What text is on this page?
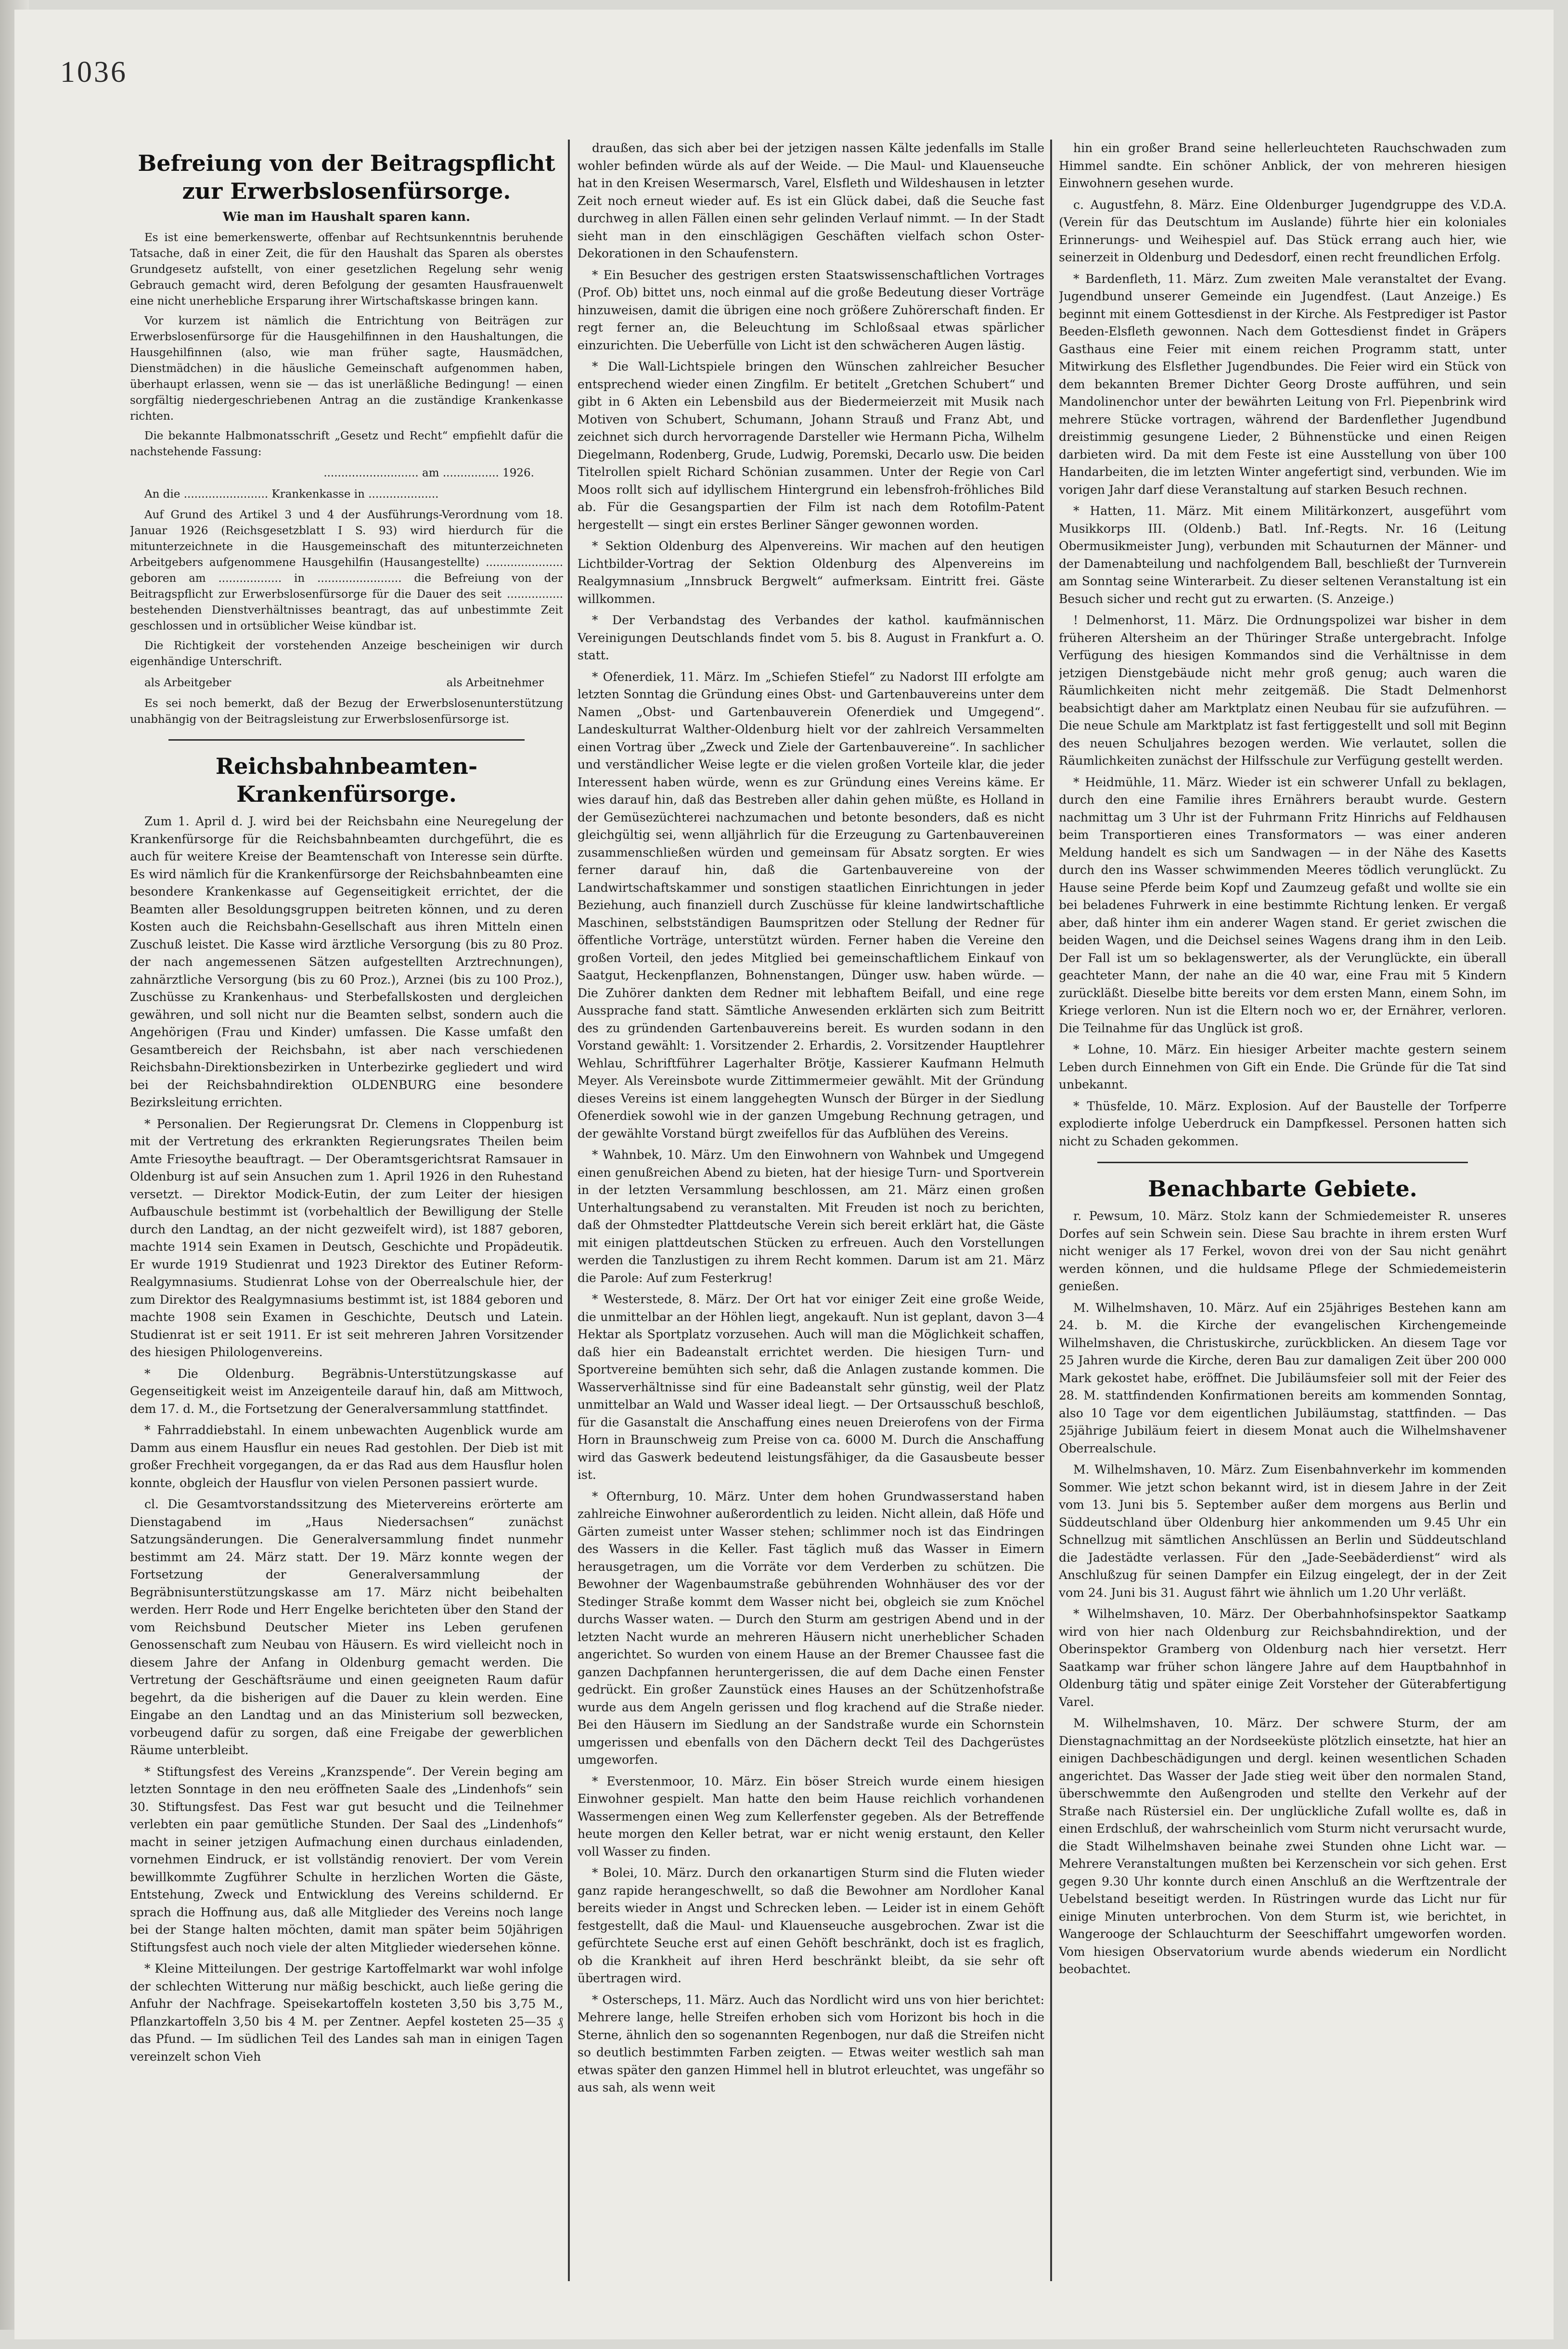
1036
Befreiung von der Beitragspflicht zur Erwerbslosenfürsorge.
Wie man im Haushalt sparen kann.

Es ist eine bemerkenswerte, offenbar auf Rechtsunkenntnis beruhende Tatsache, daß in einer Zeit, die für den Haushalt das Sparen als oberstes Grundgesetz aufstellt, von einer gesetzlichen Regelung sehr wenig Gebrauch gemacht wird, deren Befolgung der gesamten Hausfrauenwelt eine nicht unerhebliche Ersparung ihrer Wirtschaftskasse bringen kann.

Vor kurzem ist nämlich die Entrichtung von Beiträgen zur Erwerbslosenfürsorge für die Hausgehilfinnen in den Haushaltungen, die Hausgehilfinnen (also, wie man früher sagte, Hausmädchen, Dienstmädchen) in die häusliche Gemeinschaft aufgenommen haben, überhaupt erlassen, wenn sie — das ist unerläßliche Bedingung! — einen sorgfältig niedergeschriebenen Antrag an die zuständige Krankenkasse richten.

Die bekannte Halbmonatsschrift „Gesetz und Recht“ empfiehlt dafür die nachstehende Fassung:

........................... am ................ 1926.
An die ........................ Krankenkasse in ....................

Auf Grund des Artikel 3 und 4 der Ausführungs-Verordnung vom 18. Januar 1926 (Reichsgesetzblatt I S. 93) wird hierdurch für die mitunterzeichnete in die Hausgemeinschaft des mitunterzeichneten Arbeitgebers aufgenommene Hausgehilfin (Hausangestellte) ...................... geboren am .................. in ........................ die Befreiung von der Beitragspflicht zur Erwerbslosenfürsorge für die Dauer des seit ................ bestehenden Dienstverhältnisses beantragt, das auf unbestimmte Zeit geschlossen und in ortsüblicher Weise kündbar ist.

Die Richtigkeit der vorstehenden Anzeige bescheinigen wir durch eigenhändige Unterschrift.

als Arbeitgeber	als Arbeitnehmer

Es sei noch bemerkt, daß der Bezug der Erwerbslosenunterstützung unabhängig von der Beitragsleistung zur Erwerbslosenfürsorge ist.

Reichsbahnbeamten-Krankenfürsorge.

Zum 1. April d. J. wird bei der Reichsbahn eine Neuregelung der Krankenfürsorge für die Reichsbahnbeamten durchgeführt, die es auch für weitere Kreise der Beamtenschaft von Interesse sein dürfte. Es wird nämlich für die Krankenfürsorge der Reichsbahnbeamten eine besondere Krankenkasse auf Gegenseitigkeit errichtet, der die Beamten aller Besoldungsgruppen beitreten können, und zu deren Kosten auch die Reichsbahn-Gesellschaft aus ihren Mitteln einen Zuschuß leistet. Die Kasse wird ärztliche Versorgung (bis zu 80 Proz. der nach angemessenen Sätzen aufgestellten Arztrechnungen), zahnärztliche Versorgung (bis zu 60 Proz.), Arznei (bis zu 100 Proz.), Zuschüsse zu Krankenhaus- und Sterbefallskosten und dergleichen gewähren, und soll nicht nur die Beamten selbst, sondern auch die Angehörigen (Frau und Kinder) umfassen. Die Kasse umfaßt den Gesamtbereich der Reichsbahn, ist aber nach verschiedenen Reichsbahn-Direktionsbezirken in Unterbezirke gegliedert und wird bei der Reichsbahndirektion OLDENBURG eine besondere Bezirksleitung errichten.

* Personalien. Der Regierungsrat Dr. Clemens in Cloppenburg ist mit der Vertretung des erkrankten Regierungsrates Theilen beim Amte Friesoythe beauftragt. — Der Oberamtsgerichtsrat Ramsauer in Oldenburg ist auf sein Ansuchen zum 1. April 1926 in den Ruhestand versetzt. — Direktor Modick-Eutin, der zum Leiter der hiesigen Aufbauschule bestimmt ist (vorbehaltlich der Bewilligung der Stelle durch den Landtag, an der nicht gezweifelt wird), ist 1887 geboren, machte 1914 sein Examen in Deutsch, Geschichte und Propädeutik. Er wurde 1919 Studienrat und 1923 Direktor des Eutiner Reform-Realgymnasiums. Studienrat Lohse von der Oberrealschule hier, der zum Direktor des Realgymnasiums bestimmt ist, ist 1884 geboren und machte 1908 sein Examen in Geschichte, Deutsch und Latein. Studienrat ist er seit 1911. Er ist seit mehreren Jahren Vorsitzender des hiesigen Philologenvereins.

* Die Oldenburg. Begräbnis-Unterstützungskasse auf Gegenseitigkeit weist im Anzeigenteile darauf hin, daß am Mittwoch, dem 17. d. M., die Fortsetzung der Generalversammlung stattfindet.

* Fahrraddiebstahl. In einem unbewachten Augenblick wurde am Damm aus einem Hausflur ein neues Rad gestohlen. Der Dieb ist mit großer Frechheit vorgegangen, da er das Rad aus dem Hausflur holen konnte, obgleich der Hausflur von vielen Personen passiert wurde.

cl. Die Gesamtvorstandssitzung des Mietervereins erörterte am Dienstagabend im „Haus Niedersachsen“ zunächst Satzungsänderungen. Die Generalversammlung findet nunmehr bestimmt am 24. März statt. Der 19. März konnte wegen der Fortsetzung der Generalversammlung der Begräbnisunterstützungskasse am 17. März nicht beibehalten werden. Herr Rode und Herr Engelke berichteten über den Stand der vom Reichsbund Deutscher Mieter ins Leben gerufenen Genossenschaft zum Neubau von Häusern. Es wird vielleicht noch in diesem Jahre der Anfang in Oldenburg gemacht werden. Die Vertretung der Geschäftsräume und einen geeigneten Raum dafür begehrt, da die bisherigen auf die Dauer zu klein werden. Eine Eingabe an den Landtag und an das Ministerium soll bezwecken, vorbeugend dafür zu sorgen, daß eine Freigabe der gewerblichen Räume unterbleibt.

* Stiftungsfest des Vereins „Kranzspende“. Der Verein beging am letzten Sonntage in den neu eröffneten Saale des „Lindenhofs“ sein 30. Stiftungsfest. Das Fest war gut besucht und die Teilnehmer verlebten ein paar gemütliche Stunden. Der Saal des „Lindenhofs“ macht in seiner jetzigen Aufmachung einen durchaus einladenden, vornehmen Eindruck, er ist vollständig renoviert. Der vom Verein bewillkommte Zugführer Schulte in herzlichen Worten die Gäste, Entstehung, Zweck und Entwicklung des Vereins schildernd. Er sprach die Hoffnung aus, daß alle Mitglieder des Vereins noch lange bei der Stange halten möchten, damit man später beim 50jährigen Stiftungsfest auch noch viele der alten Mitglieder wiedersehen könne.

* Kleine Mitteilungen. Der gestrige Kartoffelmarkt war wohl infolge der schlechten Witterung nur mäßig beschickt, auch ließe gering die Anfuhr der Nachfrage. Speisekartoffeln kosteten 3,50 bis 3,75 M., Pflanzkartoffeln 3,50 bis 4 M. per Zentner. Aepfel kosteten 25—35 ₰ das Pfund. — Im südlichen Teil des Landes sah man in einigen Tagen vereinzelt schon Vieh

draußen, das sich aber bei der jetzigen nassen Kälte jedenfalls im Stalle wohler befinden würde als auf der Weide. — Die Maul- und Klauenseuche hat in den Kreisen Wesermarsch, Varel, Elsfleth und Wildeshausen in letzter Zeit noch erneut wieder auf. Es ist ein Glück dabei, daß die Seuche fast durchweg in allen Fällen einen sehr gelinden Verlauf nimmt. — In der Stadt sieht man in den einschlägigen Geschäften vielfach schon Oster-Dekorationen in den Schaufenstern.

* Ein Besucher des gestrigen ersten Staatswissenschaftlichen Vortrages (Prof. Ob) bittet uns, noch einmal auf die große Bedeutung dieser Vorträge hinzuweisen, damit die übrigen eine noch größere Zuhörerschaft finden. Er regt ferner an, die Beleuchtung im Schloßsaal etwas spärlicher einzurichten. Die Ueberfülle von Licht ist den schwächeren Augen lästig.

* Die Wall-Lichtspiele bringen den Wünschen zahlreicher Besucher entsprechend wieder einen Zingfilm. Er betitelt „Gretchen Schubert“ und gibt in 6 Akten ein Lebensbild aus der Biedermeierzeit mit Musik nach Motiven von Schubert, Schumann, Johann Strauß und Franz Abt, und zeichnet sich durch hervorragende Darsteller wie Hermann Picha, Wilhelm Diegelmann, Rodenberg, Grude, Ludwig, Poremski, Decarlo usw. Die beiden Titelrollen spielt Richard Schönian zusammen. Unter der Regie von Carl Moos rollt sich auf idyllischem Hintergrund ein lebensfroh-fröhliches Bild ab. Für die Gesangspartien der Film ist nach dem Rotofilm-Patent hergestellt — singt ein erstes Berliner Sänger gewonnen worden.

* Sektion Oldenburg des Alpenvereins. Wir machen auf den heutigen Lichtbilder-Vortrag der Sektion Oldenburg des Alpenvereins im Realgymnasium „Innsbruck Bergwelt“ aufmerksam. Eintritt frei. Gäste willkommen.

* Der Verbandstag des Verbandes der kathol. kaufmännischen Vereinigungen Deutschlands findet vom 5. bis 8. August in Frankfurt a. O. statt.

* Ofenerdiek, 11. März. Im „Schiefen Stiefel“ zu Nadorst III erfolgte am letzten Sonntag die Gründung eines Obst- und Gartenbauvereins unter dem Namen „Obst- und Gartenbauverein Ofenerdiek und Umgegend“. Landeskulturrat Walther-Oldenburg hielt vor der zahlreich Versammelten einen Vortrag über „Zweck und Ziele der Gartenbauvereine“. In sachlicher und verständlicher Weise legte er die vielen großen Vorteile klar, die jeder Interessent haben würde, wenn es zur Gründung eines Vereins käme. Er wies darauf hin, daß das Bestreben aller dahin gehen müßte, es Holland in der Gemüsezüchterei nachzumachen und betonte besonders, daß es nicht gleichgültig sei, wenn alljährlich für die Erzeugung zu Gartenbauvereinen zusammenschließen würden und gemeinsam für Absatz sorgten. Er wies ferner darauf hin, daß die Gartenbauvereine von der Landwirtschaftskammer und sonstigen staatlichen Einrichtungen in jeder Beziehung, auch finanziell durch Zuschüsse für kleine landwirtschaftliche Maschinen, selbstständigen Baumspritzen oder Stellung der Redner für öffentliche Vorträge, unterstützt würden. Ferner haben die Vereine den großen Vorteil, den jedes Mitglied bei gemeinschaftlichem Einkauf von Saatgut, Heckenpflanzen, Bohnenstangen, Dünger usw. haben würde. — Die Zuhörer dankten dem Redner mit lebhaftem Beifall, und eine rege Aussprache fand statt. Sämtliche Anwesenden erklärten sich zum Beitritt des zu gründenden Gartenbauvereins bereit. Es wurden sodann in den Vorstand gewählt: 1. Vorsitzender 2. Erhardis, 2. Vorsitzender Hauptlehrer Wehlau, Schriftführer Lagerhalter Brötje, Kassierer Kaufmann Helmuth Meyer. Als Vereinsbote wurde Zittimmermeier gewählt. Mit der Gründung dieses Vereins ist einem langgehegten Wunsch der Bürger in der Siedlung Ofenerdiek sowohl wie in der ganzen Umgebung Rechnung getragen, und der gewählte Vorstand bürgt zweifellos für das Aufblühen des Vereins.

* Wahnbek, 10. März. Um den Einwohnern von Wahnbek und Umgegend einen genußreichen Abend zu bieten, hat der hiesige Turn- und Sportverein in der letzten Versammlung beschlossen, am 21. März einen großen Unterhaltungsabend zu veranstalten. Mit Freuden ist noch zu berichten, daß der Ohmstedter Plattdeutsche Verein sich bereit erklärt hat, die Gäste mit einigen plattdeutschen Stücken zu erfreuen. Auch den Vorstellungen werden die Tanzlustigen zu ihrem Recht kommen. Darum ist am 21. März die Parole: Auf zum Festerkrug!

* Westerstede, 8. März. Der Ort hat vor einiger Zeit eine große Weide, die unmittelbar an der Höhlen liegt, angekauft. Nun ist geplant, davon 3—4 Hektar als Sportplatz vorzusehen. Auch will man die Möglichkeit schaffen, daß hier ein Badeanstalt errichtet werden. Die hiesigen Turn- und Sportvereine bemühten sich sehr, daß die Anlagen zustande kommen. Die Wasserverhältnisse sind für eine Badeanstalt sehr günstig, weil der Platz unmittelbar an Wald und Wasser ideal liegt. — Der Ortsausschuß beschloß, für die Gasanstalt die Anschaffung eines neuen Dreierofens von der Firma Horn in Braunschweig zum Preise von ca. 6000 M. Durch die Anschaffung wird das Gaswerk bedeutend leistungsfähiger, da die Gasausbeute besser ist.

* Ofternburg, 10. März. Unter dem hohen Grundwasserstand haben zahlreiche Einwohner außerordentlich zu leiden. Nicht allein, daß Höfe und Gärten zumeist unter Wasser stehen; schlimmer noch ist das Eindringen des Wassers in die Keller. Fast täglich muß das Wasser in Eimern herausgetragen, um die Vorräte vor dem Verderben zu schützen. Die Bewohner der Wagenbaumstraße gebührenden Wohnhäuser des vor der Stedinger Straße kommt dem Wasser nicht bei, obgleich sie zum Knöchel durchs Wasser waten. — Durch den Sturm am gestrigen Abend und in der letzten Nacht wurde an mehreren Häusern nicht unerheblicher Schaden angerichtet. So wurden von einem Hause an der Bremer Chaussee fast die ganzen Dachpfannen heruntergerissen, die auf dem Dache einen Fenster gedrückt. Ein großer Zaunstück eines Hauses an der Schützenhofstraße wurde aus dem Angeln gerissen und flog krachend auf die Straße nieder. Bei den Häusern im Siedlung an der Sandstraße wurde ein Schornstein umgerissen und ebenfalls von den Dächern deckt Teil des Dachgerüstes umgeworfen.

* Everstenmoor, 10. März. Ein böser Streich wurde einem hiesigen Einwohner gespielt. Man hatte den beim Hause reichlich vorhandenen Wassermengen einen Weg zum Kellerfenster gegeben. Als der Betreffende heute morgen den Keller betrat, war er nicht wenig erstaunt, den Keller voll Wasser zu finden.

* Bolei, 10. März. Durch den orkanartigen Sturm sind die Fluten wieder ganz rapide herangeschwellt, so daß die Bewohner am Nordloher Kanal bereits wieder in Angst und Schrecken leben. — Leider ist in einem Gehöft festgestellt, daß die Maul- und Klauenseuche ausgebrochen. Zwar ist die gefürchtete Seuche erst auf einen Gehöft beschränkt, doch ist es fraglich, ob die Krankheit auf ihren Herd beschränkt bleibt, da sie sehr oft übertragen wird.

* Osterscheps, 11. März. Auch das Nordlicht wird uns von hier berichtet: Mehrere lange, helle Streifen erhoben sich vom Horizont bis hoch in die Sterne, ähnlich den so sogenannten Regenbogen, nur daß die Streifen nicht so deutlich bestimmten Farben zeigten. — Etwas weiter westlich sah man etwas später den ganzen Himmel hell in blutrot erleuchtet, was ungefähr so aus sah, als wenn weit

hin ein großer Brand seine hellerleuchteten Rauchschwaden zum Himmel sandte. Ein schöner Anblick, der von mehreren hiesigen Einwohnern gesehen wurde.

c. Augustfehn, 8. März. Eine Oldenburger Jugendgruppe des V.D.A. (Verein für das Deutschtum im Auslande) führte hier ein koloniales Erinnerungs- und Weihespiel auf. Das Stück errang auch hier, wie seinerzeit in Oldenburg und Dedesdorf, einen recht freundlichen Erfolg.

* Bardenfleth, 11. März. Zum zweiten Male veranstaltet der Evang. Jugendbund unserer Gemeinde ein Jugendfest. (Laut Anzeige.) Es beginnt mit einem Gottesdienst in der Kirche. Als Festprediger ist Pastor Beeden-Elsfleth gewonnen. Nach dem Gottesdienst findet in Gräpers Gasthaus eine Feier mit einem reichen Programm statt, unter Mitwirkung des Elsflether Jugendbundes. Die Feier wird ein Stück von dem bekannten Bremer Dichter Georg Droste aufführen, und sein Mandolinenchor unter der bewährten Leitung von Frl. Piepenbrink wird mehrere Stücke vortragen, während der Bardenflether Jugendbund dreistimmig gesungene Lieder, 2 Bühnenstücke und einen Reigen darbieten wird. Da mit dem Feste ist eine Ausstellung von über 100 Handarbeiten, die im letzten Winter angefertigt sind, verbunden. Wie im vorigen Jahr darf diese Veranstaltung auf starken Besuch rechnen.

* Hatten, 11. März. Mit einem Militärkonzert, ausgeführt vom Musikkorps III. (Oldenb.) Batl. Inf.-Regts. Nr. 16 (Leitung Obermusikmeister Jung), verbunden mit Schauturnen der Männer- und der Damenabteilung und nachfolgendem Ball, beschließt der Turnverein am Sonntag seine Winterarbeit. Zu dieser seltenen Veranstaltung ist ein Besuch sicher und recht gut zu erwarten. (S. Anzeige.)

! Delmenhorst, 11. März. Die Ordnungspolizei war bisher in dem früheren Altersheim an der Thüringer Straße untergebracht. Infolge Verfügung des hiesigen Kommandos sind die Verhältnisse in dem jetzigen Dienstgebäude nicht mehr groß genug; auch waren die Räumlichkeiten nicht mehr zeitgemäß. Die Stadt Delmenhorst beabsichtigt daher am Marktplatz einen Neubau für sie aufzuführen. — Die neue Schule am Marktplatz ist fast fertiggestellt und soll mit Beginn des neuen Schuljahres bezogen werden. Wie verlautet, sollen die Räumlichkeiten zunächst der Hilfsschule zur Verfügung gestellt werden.

* Heidmühle, 11. März. Wieder ist ein schwerer Unfall zu beklagen, durch den eine Familie ihres Ernährers beraubt wurde. Gestern nachmittag um 3 Uhr ist der Fuhrmann Fritz Hinrichs auf Feldhausen beim Transportieren eines Transformators — was einer anderen Meldung handelt es sich um Sandwagen — in der Nähe des Kasetts durch den ins Wasser schwimmenden Meeres tödlich verunglückt. Zu Hause seine Pferde beim Kopf und Zaumzeug gefaßt und wollte sie ein bei beladenes Fuhrwerk in eine bestimmte Richtung lenken. Er vergaß aber, daß hinter ihm ein anderer Wagen stand. Er geriet zwischen die beiden Wagen, und die Deichsel seines Wagens drang ihm in den Leib. Der Fall ist um so beklagenswerter, als der Verunglückte, ein überall geachteter Mann, der nahe an die 40 war, eine Frau mit 5 Kindern zurückläßt. Dieselbe bitte bereits vor dem ersten Mann, einem Sohn, im Kriege verloren. Nun ist die Eltern noch wo er, der Ernährer, verloren. Die Teilnahme für das Unglück ist groß.

* Lohne, 10. März. Ein hiesiger Arbeiter machte gestern seinem Leben durch Einnehmen von Gift ein Ende. Die Gründe für die Tat sind unbekannt.

* Thüsfelde, 10. März. Explosion. Auf der Baustelle der Torfperre explodierte infolge Ueberdruck ein Dampfkessel. Personen hatten sich nicht zu Schaden gekommen.

Benachbarte Gebiete.

r. Pewsum, 10. März. Stolz kann der Schmiedemeister R. unseres Dorfes auf sein Schwein sein. Diese Sau brachte in ihrem ersten Wurf nicht weniger als 17 Ferkel, wovon drei von der Sau nicht genährt werden können, und die huldsame Pflege der Schmiedemeisterin genießen.

M. Wilhelmshaven, 10. März. Auf ein 25jähriges Bestehen kann am 24. b. M. die Kirche der evangelischen Kirchengemeinde Wilhelmshaven, die Christuskirche, zurückblicken. An diesem Tage vor 25 Jahren wurde die Kirche, deren Bau zur damaligen Zeit über 200 000 Mark gekostet habe, eröffnet. Die Jubiläumsfeier soll mit der Feier des 28. M. stattfindenden Konfirmationen bereits am kommenden Sonntag, also 10 Tage vor dem eigentlichen Jubiläumstag, stattfinden. — Das 25jährige Jubiläum feiert in diesem Monat auch die Wilhelmshavener Oberrealschule.

M. Wilhelmshaven, 10. März. Zum Eisenbahnverkehr im kommenden Sommer. Wie jetzt schon bekannt wird, ist in diesem Jahre in der Zeit vom 13. Juni bis 5. September außer dem morgens aus Berlin und Süddeutschland über Oldenburg hier ankommenden um 9.45 Uhr ein Schnellzug mit sämtlichen Anschlüssen an Berlin und Süddeutschland die Jadestädte verlassen. Für den „Jade-Seebäderdienst“ wird als Anschlußzug für seinen Dampfer ein Eilzug eingelegt, der in der Zeit vom 24. Juni bis 31. August fährt wie ähnlich um 1.20 Uhr verläßt.

* Wilhelmshaven, 10. März. Der Oberbahnhofsinspektor Saatkamp wird von hier nach Oldenburg zur Reichsbahndirektion, und der Oberinspektor Gramberg von Oldenburg nach hier versetzt. Herr Saatkamp war früher schon längere Jahre auf dem Hauptbahnhof in Oldenburg tätig und später einige Zeit Vorsteher der Güterabfertigung Varel.

M. Wilhelmshaven, 10. März. Der schwere Sturm, der am Dienstagnachmittag an der Nordseeküste plötzlich einsetzte, hat hier an einigen Dachbeschädigungen und dergl. keinen wesentlichen Schaden angerichtet. Das Wasser der Jade stieg weit über den normalen Stand, überschwemmte den Außengroden und stellte den Verkehr auf der Straße nach Rüstersiel ein. Der unglückliche Zufall wollte es, daß in einen Erdschluß, der wahrscheinlich vom Sturm nicht verursacht wurde, die Stadt Wilhelmshaven beinahe zwei Stunden ohne Licht war. — Mehrere Veranstaltungen mußten bei Kerzenschein vor sich gehen. Erst gegen 9.30 Uhr konnte durch einen Anschluß an die Werftzentrale der Uebelstand beseitigt werden. In Rüstringen wurde das Licht nur für einige Minuten unterbrochen. Von dem Sturm ist, wie berichtet, in Wangerooge der Schlauchturm der Seeschiffahrt umgeworfen worden. Vom hiesigen Observatorium wurde abends wiederum ein Nordlicht beobachtet.
